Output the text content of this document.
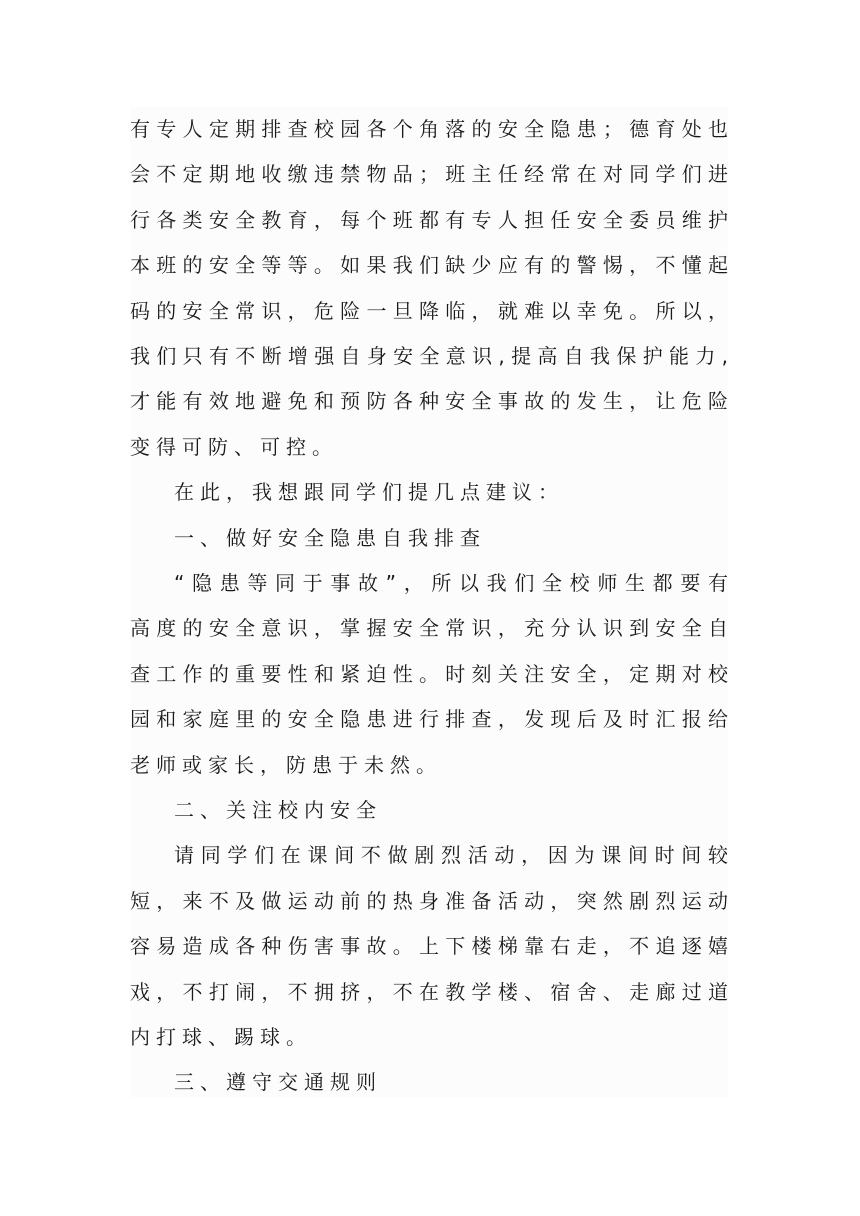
有专人定期排查校园各个角落的安全隐患；德育处也
会不定期地收缴违禁物品；班主任经常在对同学们进
行各类安全教育，每个班都有专人担任安全委员维护
本班的安全等等。如果我们缺少应有的警惕，不懂起
码的安全常识，危险一旦降临，就难以幸免。所以，
我们只有不断增强自身安全意识,提高自我保护能力,
才能有效地避免和预防各种安全事故的发生，让危险
变得可防、可控。
在此，我想跟同学们提几点建议：
一、做好安全隐患自我排查
“隐患等同于事故”，所以我们全校师生都要有
高度的安全意识，掌握安全常识，充分认识到安全自
查工作的重要性和紧迫性。时刻关注安全，定期对校
园和家庭里的安全隐患进行排查，发现后及时汇报给
老师或家长，防患于未然。
二、关注校内安全
请同学们在课间不做剧烈活动，因为课间时间较
短，来不及做运动前的热身准备活动，突然剧烈运动
容易造成各种伤害事故。上下楼梯靠右走，不追逐嬉
戏，不打闹，不拥挤，不在教学楼、宿舍、走廊过道
内打球、踢球。
三、遵守交通规则
